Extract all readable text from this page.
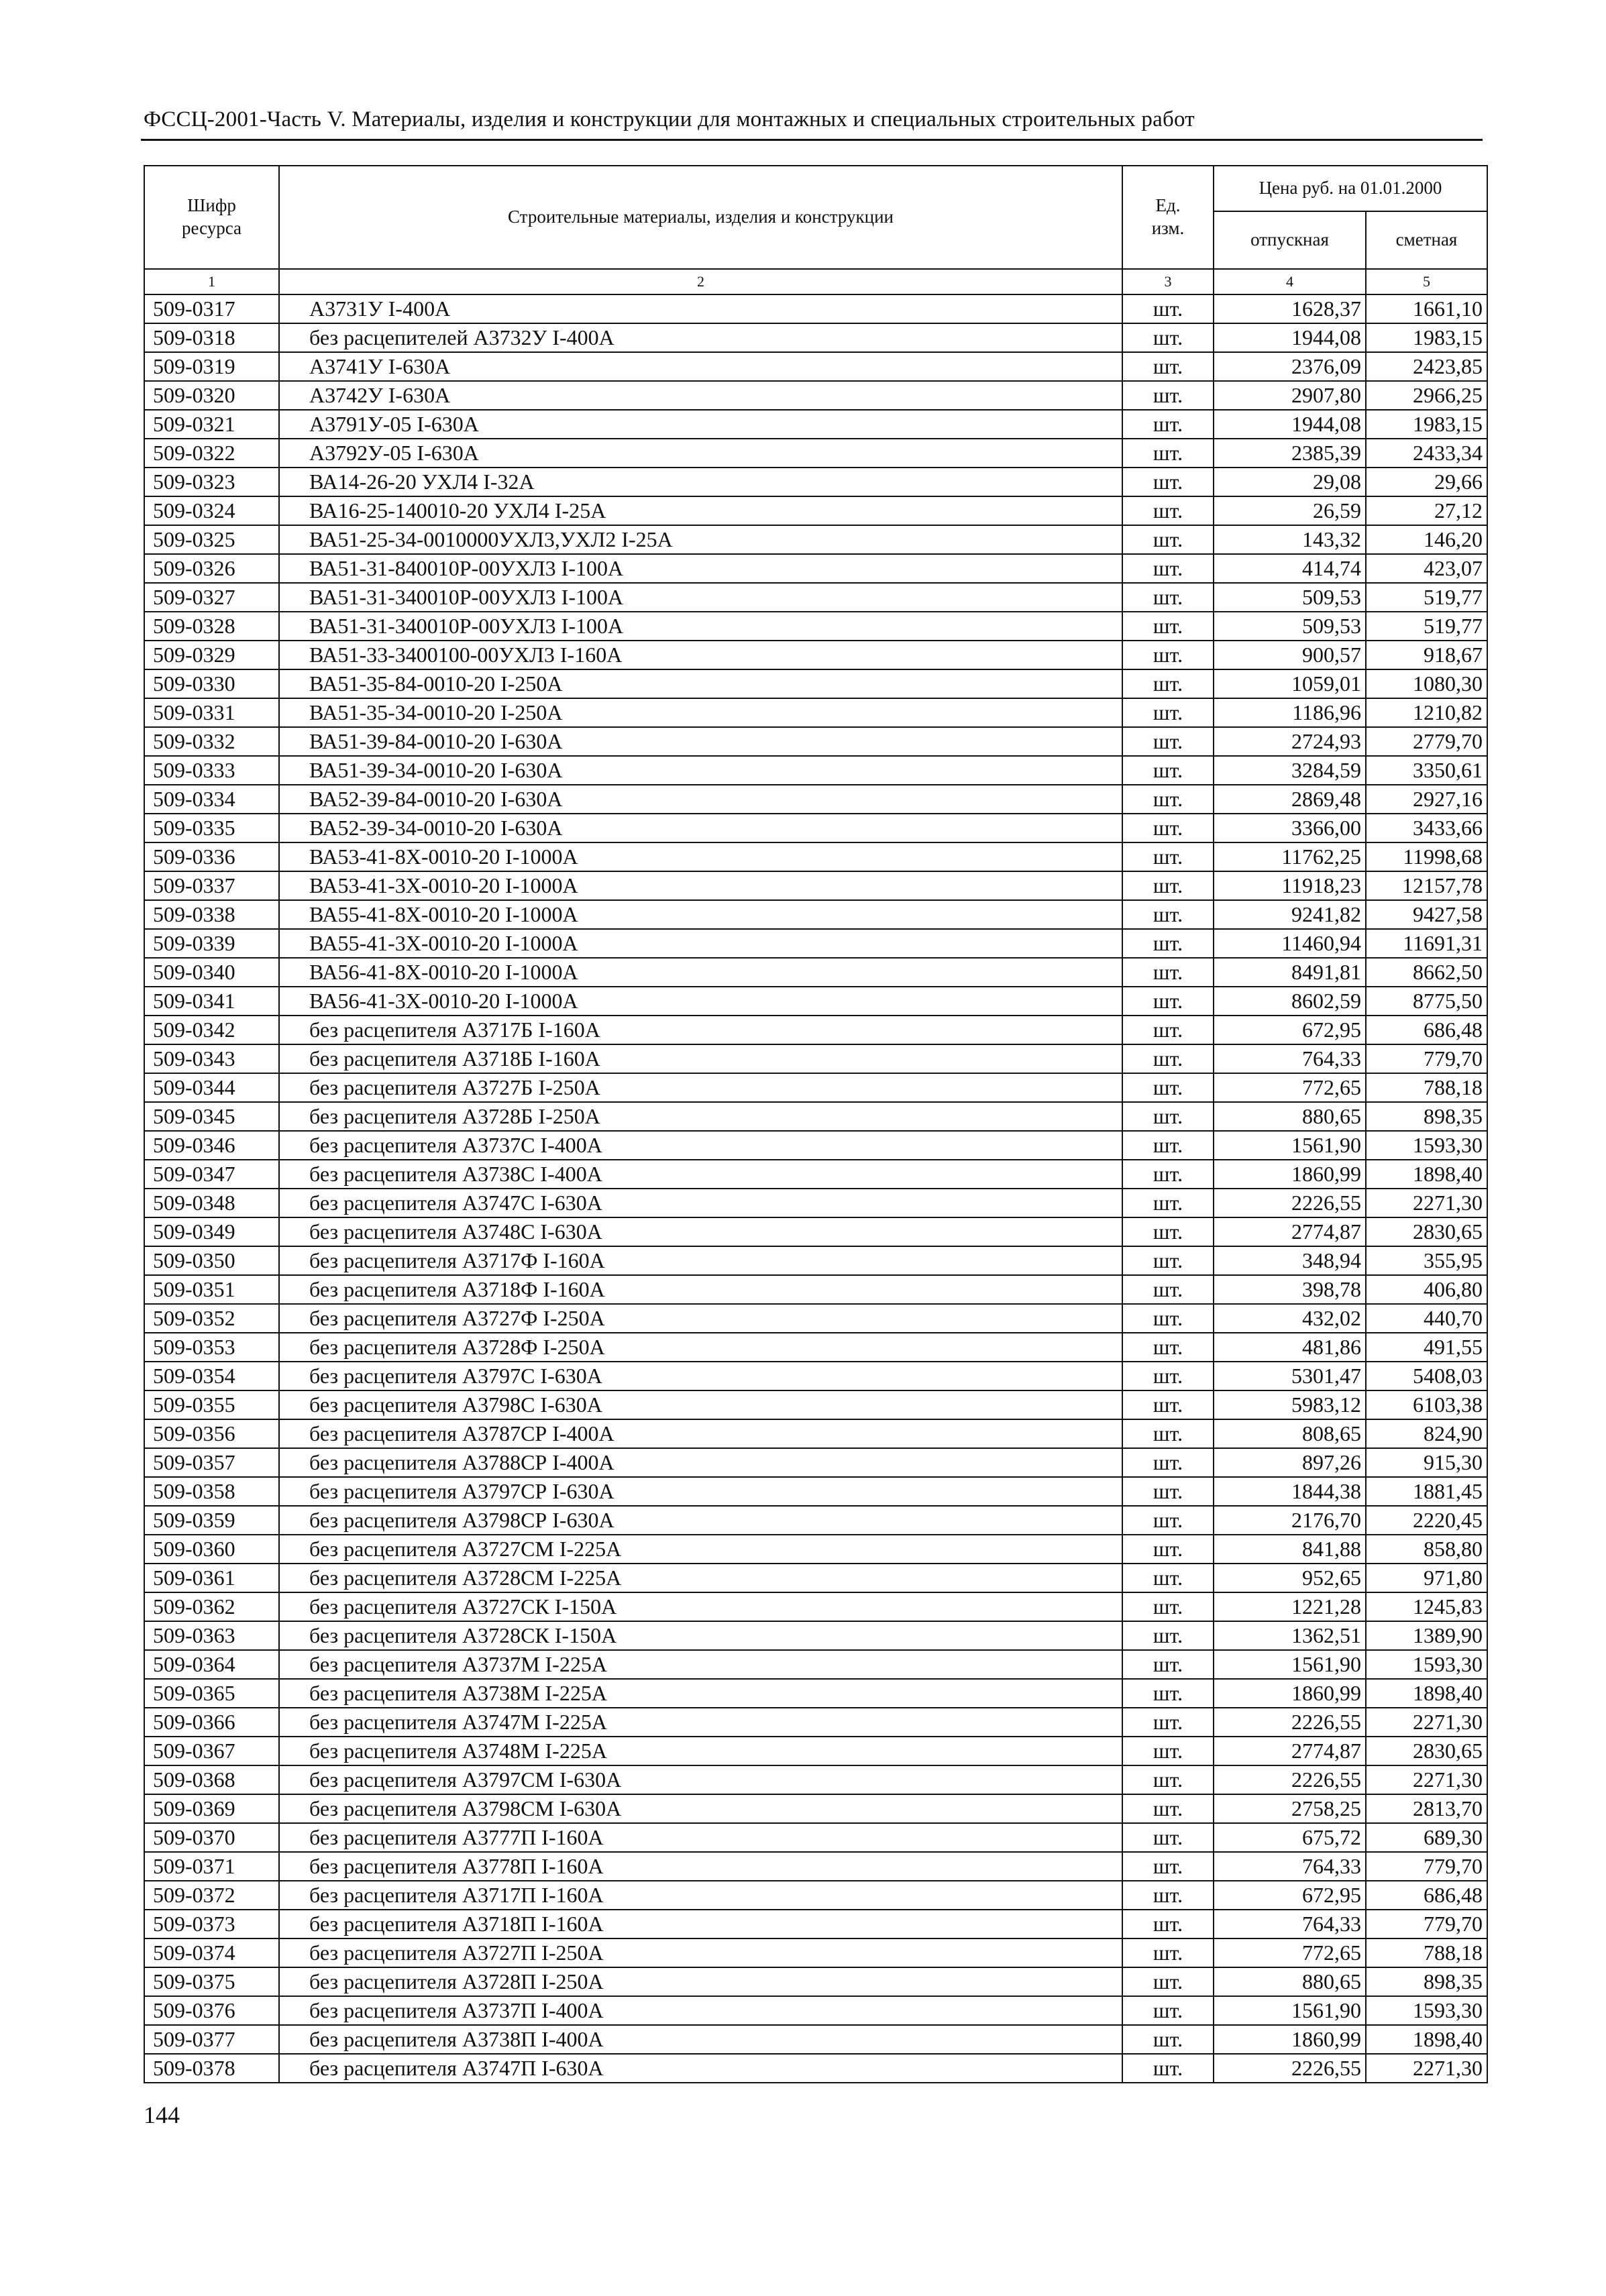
ФССЦ-2001-Часть V. Материалы, изделия и конструкции для монтажных и специальных строительных работ
Шифр ресурса	Строительные материалы, изделия и конструкции	Ед. изм.	Цена руб. на 01.01.2000	
			отпускная	сметная
1	2	3	4	5
509-0317	А3731У I-400А	шт.	1628,37	1661,10
509-0318	без расцепителей А3732У I-400А	шт.	1944,08	1983,15
509-0319	А3741У I-630А	шт.	2376,09	2423,85
509-0320	А3742У I-630А	шт.	2907,80	2966,25
509-0321	А3791У-05 I-630А	шт.	1944,08	1983,15
509-0322	А3792У-05 I-630А	шт.	2385,39	2433,34
509-0323	ВА14-26-20 УХЛ4 I-32А	шт.	29,08	29,66
509-0324	ВА16-25-140010-20 УХЛ4 I-25А	шт.	26,59	27,12
509-0325	ВА51-25-34-0010000УХЛ3,УХЛ2 I-25А	шт.	143,32	146,20
509-0326	ВА51-31-840010Р-00УХЛ3 I-100А	шт.	414,74	423,07
509-0327	ВА51-31-340010Р-00УХЛ3 I-100А	шт.	509,53	519,77
509-0328	ВА51-31-340010Р-00УХЛ3 I-100А	шт.	509,53	519,77
509-0329	ВА51-33-3400100-00УХЛ3 I-160А	шт.	900,57	918,67
509-0330	ВА51-35-84-0010-20 I-250А	шт.	1059,01	1080,30
509-0331	ВА51-35-34-0010-20 I-250А	шт.	1186,96	1210,82
509-0332	ВА51-39-84-0010-20 I-630А	шт.	2724,93	2779,70
509-0333	ВА51-39-34-0010-20 I-630А	шт.	3284,59	3350,61
509-0334	ВА52-39-84-0010-20 I-630А	шт.	2869,48	2927,16
509-0335	ВА52-39-34-0010-20 I-630А	шт.	3366,00	3433,66
509-0336	ВА53-41-8Х-0010-20 I-1000А	шт.	11762,25	11998,68
509-0337	ВА53-41-3Х-0010-20 I-1000А	шт.	11918,23	12157,78
509-0338	ВА55-41-8Х-0010-20 I-1000А	шт.	9241,82	9427,58
509-0339	ВА55-41-3Х-0010-20 I-1000А	шт.	11460,94	11691,31
509-0340	ВА56-41-8Х-0010-20 I-1000А	шт.	8491,81	8662,50
509-0341	ВА56-41-3Х-0010-20 I-1000А	шт.	8602,59	8775,50
509-0342	без расцепителя А3717Б I-160А	шт.	672,95	686,48
509-0343	без расцепителя А3718Б I-160А	шт.	764,33	779,70
509-0344	без расцепителя А3727Б I-250А	шт.	772,65	788,18
509-0345	без расцепителя А3728Б I-250А	шт.	880,65	898,35
509-0346	без расцепителя А3737С I-400А	шт.	1561,90	1593,30
509-0347	без расцепителя А3738С I-400А	шт.	1860,99	1898,40
509-0348	без расцепителя А3747С I-630А	шт.	2226,55	2271,30
509-0349	без расцепителя А3748С I-630А	шт.	2774,87	2830,65
509-0350	без расцепителя А3717Ф I-160А	шт.	348,94	355,95
509-0351	без расцепителя А3718Ф I-160А	шт.	398,78	406,80
509-0352	без расцепителя А3727Ф I-250А	шт.	432,02	440,70
509-0353	без расцепителя А3728Ф I-250А	шт.	481,86	491,55
509-0354	без расцепителя А3797С I-630А	шт.	5301,47	5408,03
509-0355	без расцепителя А3798С I-630А	шт.	5983,12	6103,38
509-0356	без расцепителя А3787СР I-400А	шт.	808,65	824,90
509-0357	без расцепителя А3788СР I-400А	шт.	897,26	915,30
509-0358	без расцепителя А3797СР I-630А	шт.	1844,38	1881,45
509-0359	без расцепителя А3798СР I-630А	шт.	2176,70	2220,45
509-0360	без расцепителя А3727СМ I-225А	шт.	841,88	858,80
509-0361	без расцепителя А3728СМ I-225А	шт.	952,65	971,80
509-0362	без расцепителя А3727СК I-150А	шт.	1221,28	1245,83
509-0363	без расцепителя А3728СК I-150А	шт.	1362,51	1389,90
509-0364	без расцепителя А3737М I-225А	шт.	1561,90	1593,30
509-0365	без расцепителя А3738М I-225А	шт.	1860,99	1898,40
509-0366	без расцепителя А3747М I-225А	шт.	2226,55	2271,30
509-0367	без расцепителя А3748М I-225А	шт.	2774,87	2830,65
509-0368	без расцепителя А3797СМ I-630А	шт.	2226,55	2271,30
509-0369	без расцепителя А3798СМ I-630А	шт.	2758,25	2813,70
509-0370	без расцепителя А3777П I-160А	шт.	675,72	689,30
509-0371	без расцепителя А3778П I-160А	шт.	764,33	779,70
509-0372	без расцепителя А3717П I-160А	шт.	672,95	686,48
509-0373	без расцепителя А3718П I-160А	шт.	764,33	779,70
509-0374	без расцепителя А3727П I-250А	шт.	772,65	788,18
509-0375	без расцепителя А3728П I-250А	шт.	880,65	898,35
509-0376	без расцепителя А3737П I-400А	шт.	1561,90	1593,30
509-0377	без расцепителя А3738П I-400А	шт.	1860,99	1898,40
509-0378	без расцепителя А3747П I-630А	шт.	2226,55	2271,30
144
